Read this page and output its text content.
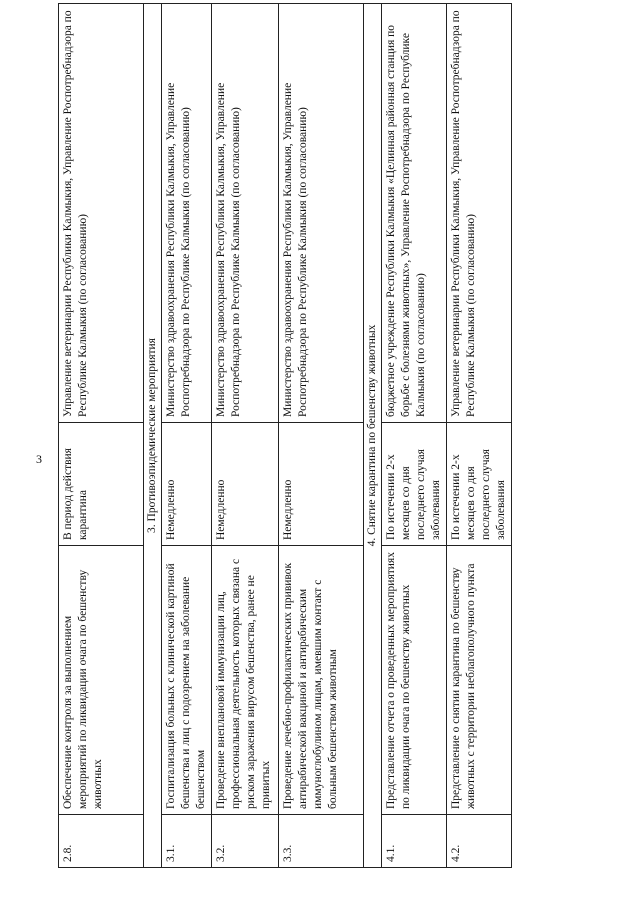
3
2.8.	Обеспечение контроля за выполнением мероприятий по ликвидации очага по бешенству животных	В период действия карантина	Управление ветеринарии Республики Калмыкия, Управление Роспотребнадзора по Республике Калмыкия (по согласованию)
3. Противоэпидемические мероприятия			
3.1.	Госпитализация больных с клинической картиной бешенства и лиц с подозрением на заболевание бешенством	Немедленно	Министерство здравоохранения Республики Калмыкия, Управление Роспотребнадзора по Республике Калмыкия (по согласованию)
3.2.	Проведение внеплановой иммунизации лиц, профессиональная деятельность которых связана с риском заражения вирусом бешенства, ранее не привитых	Немедленно	Министерство здравоохранения Республики Калмыкия, Управление Роспотребнадзора по Республике Калмыкия (по согласованию)
3.3.	Проведение лечебно-профилактических прививок антирабической вакциной и антирабическим иммуноглобулином лицам, имевшим контакт с больным бешенством животным	Немедленно	Министерство здравоохранения Республики Калмыкия, Управление Роспотребнадзора по Республике Калмыкия (по согласованию)
4. Снятие карантина по бешенству животных			
4.1.	Представление отчета о проведенных мероприятиях по ликвидации очага по бешенству животных	По истечении 2-х месяцев со дня последнего случая заболевания	бюджетное учреждение Республики Калмыкия «Целинная районная станция по борьбе с болезнями животных», Управление Роспотребнадзора по Республике Калмыкия (по согласованию)
4.2.	Представление о снятии карантина по бешенству животных с территории неблагополучного пункта	По истечении 2-х месяцев со дня последнего случая заболевания	Управление ветеринарии Республики Калмыкия, Управление Роспотребнадзора по Республике Калмыкия (по согласованию)
